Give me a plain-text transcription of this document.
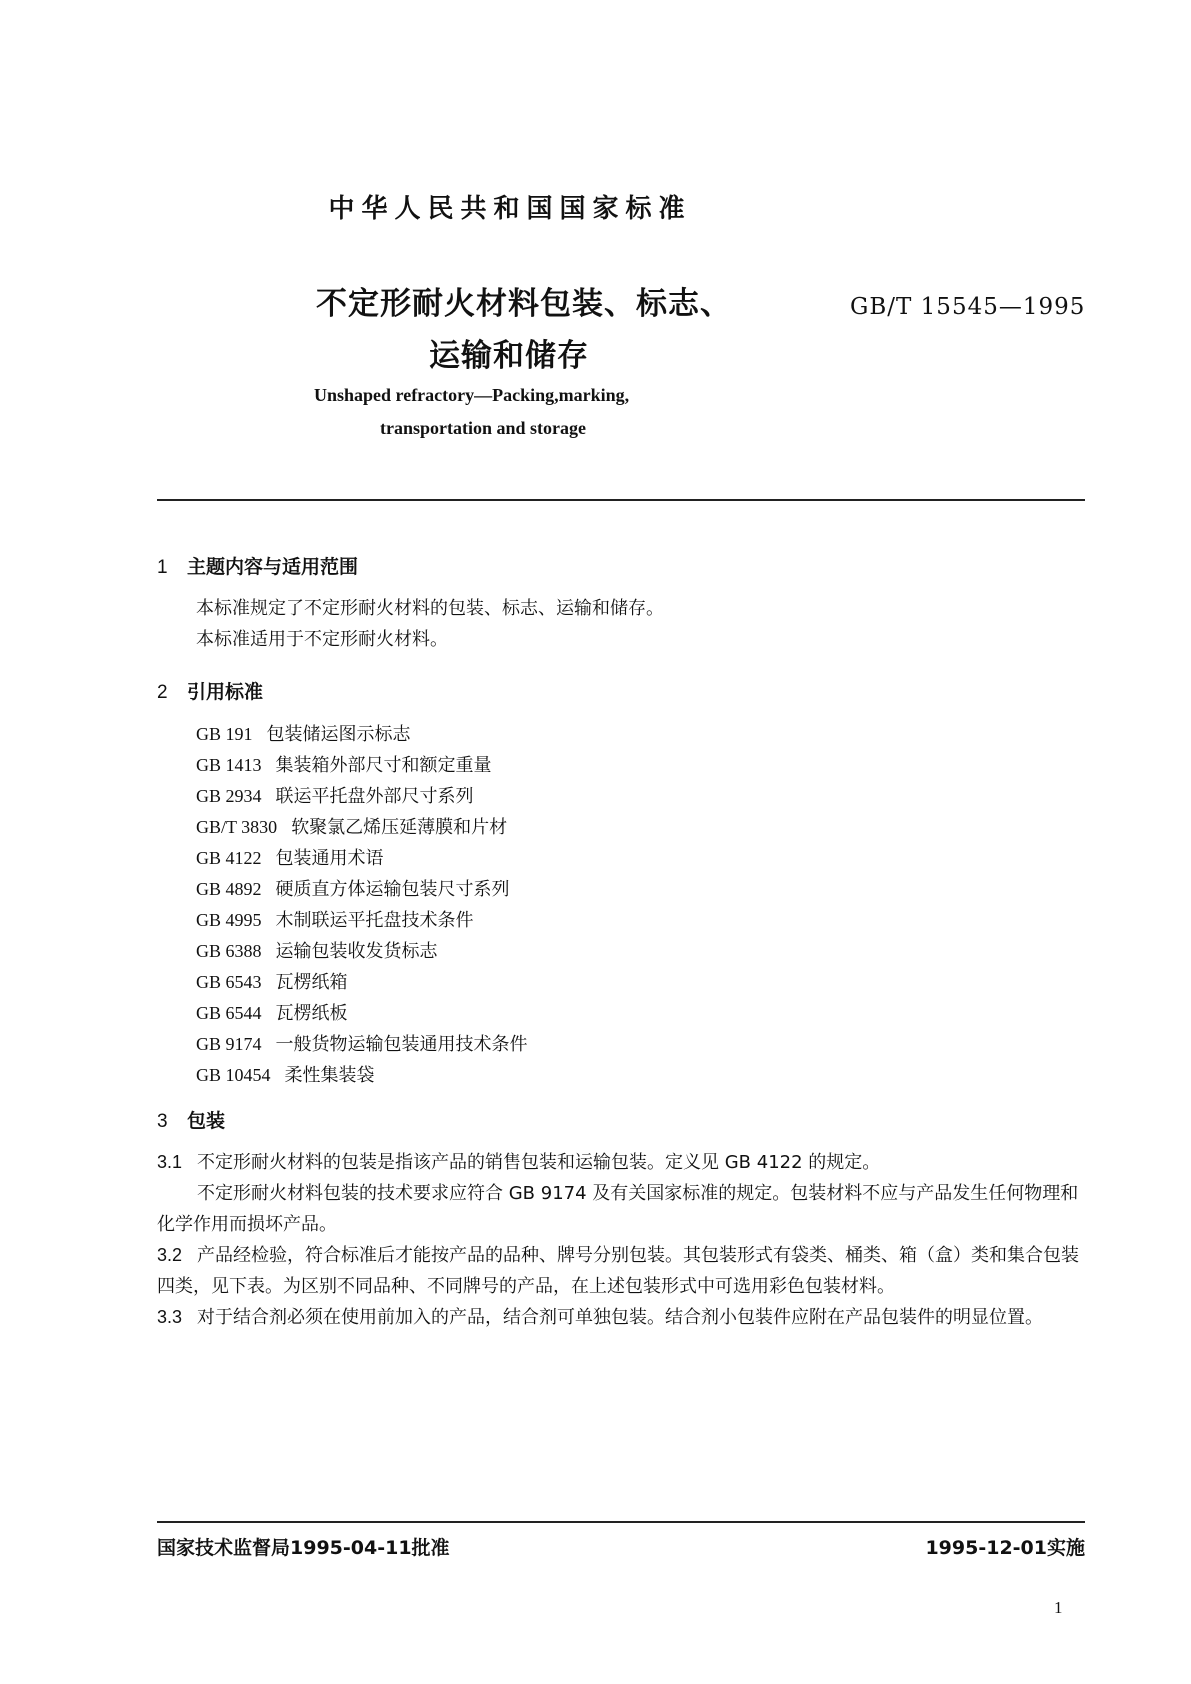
中华人民共和国国家标准
不定形耐火材料包装、标志、
运输和储存
GB/T 15545—1995
Unshaped refractory—Packing,marking,
transportation and storage
1 主题内容与适用范围
本标准规定了不定形耐火材料的包装、标志、运输和储存。
本标准适用于不定形耐火材料。
2 引用标准
GB 191 包装储运图示标志
GB 1413 集装箱外部尺寸和额定重量
GB 2934 联运平托盘外部尺寸系列
GB/T 3830 软聚氯乙烯压延薄膜和片材
GB 4122 包装通用术语
GB 4892 硬质直方体运输包装尺寸系列
GB 4995 木制联运平托盘技术条件
GB 6388 运输包装收发货标志
GB 6543 瓦楞纸箱
GB 6544 瓦楞纸板
GB 9174 一般货物运输包装通用技术条件
GB 10454 柔性集装袋
3 包装
3.1 不定形耐火材料的包装是指该产品的销售包装和运输包装。定义见 GB 4122 的规定。
不定形耐火材料包装的技术要求应符合 GB 9174 及有关国家标准的规定。包装材料不应与产品发生任何物理和化学作用而损坏产品。
3.2 产品经检验，符合标准后才能按产品的品种、牌号分别包装。其包装形式有袋类、桶类、箱（盒）类和集合包装四类，见下表。为区别不同品种、不同牌号的产品，在上述包装形式中可选用彩色包装材料。
3.3 对于结合剂必须在使用前加入的产品，结合剂可单独包装。结合剂小包装件应附在产品包装件的明显位置。
国家技术监督局1995-04-11批准	1995-12-01实施
1
